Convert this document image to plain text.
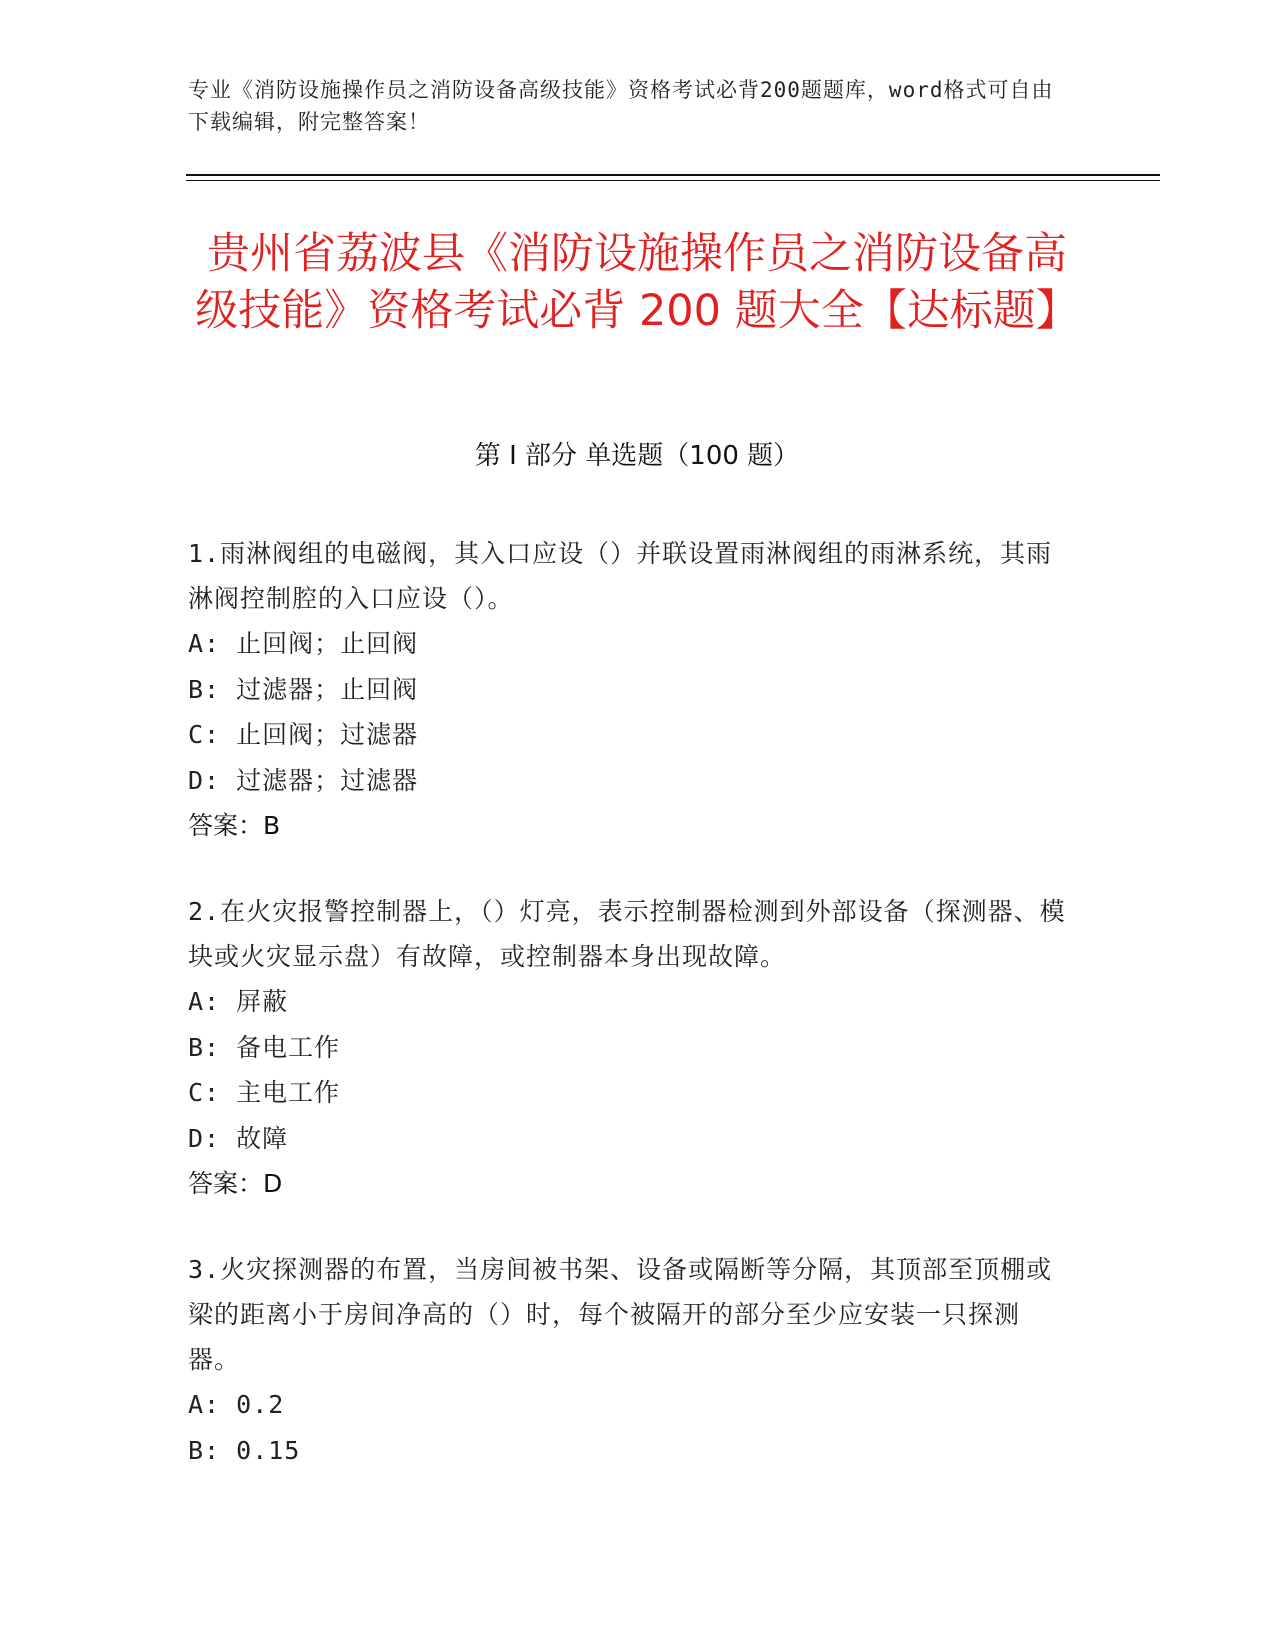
专业《消防设施操作员之消防设备高级技能》资格考试必背200题题库，word格式可自由下载编辑，附完整答案！
贵州省荔波县《消防设施操作员之消防设备高级技能》资格考试必背 200 题大全【达标题】
第 I 部分 单选题（100 题）
1.雨淋阀组的电磁阀，其入口应设（）并联设置雨淋阀组的雨淋系统，其雨淋阀控制腔的入口应设（）。
A: 止回阀；止回阀
B: 过滤器；止回阀
C: 止回阀；过滤器
D: 过滤器；过滤器
答案：B
2.在火灾报警控制器上，（）灯亮，表示控制器检测到外部设备（探测器、模块或火灾显示盘）有故障，或控制器本身出现故障。
A: 屏蔽
B: 备电工作
C: 主电工作
D: 故障
答案：D
3.火灾探测器的布置，当房间被书架、设备或隔断等分隔，其顶部至顶棚或梁的距离小于房间净高的（）时，每个被隔开的部分至少应安装一只探测器。
A: 0.2
B: 0.15
